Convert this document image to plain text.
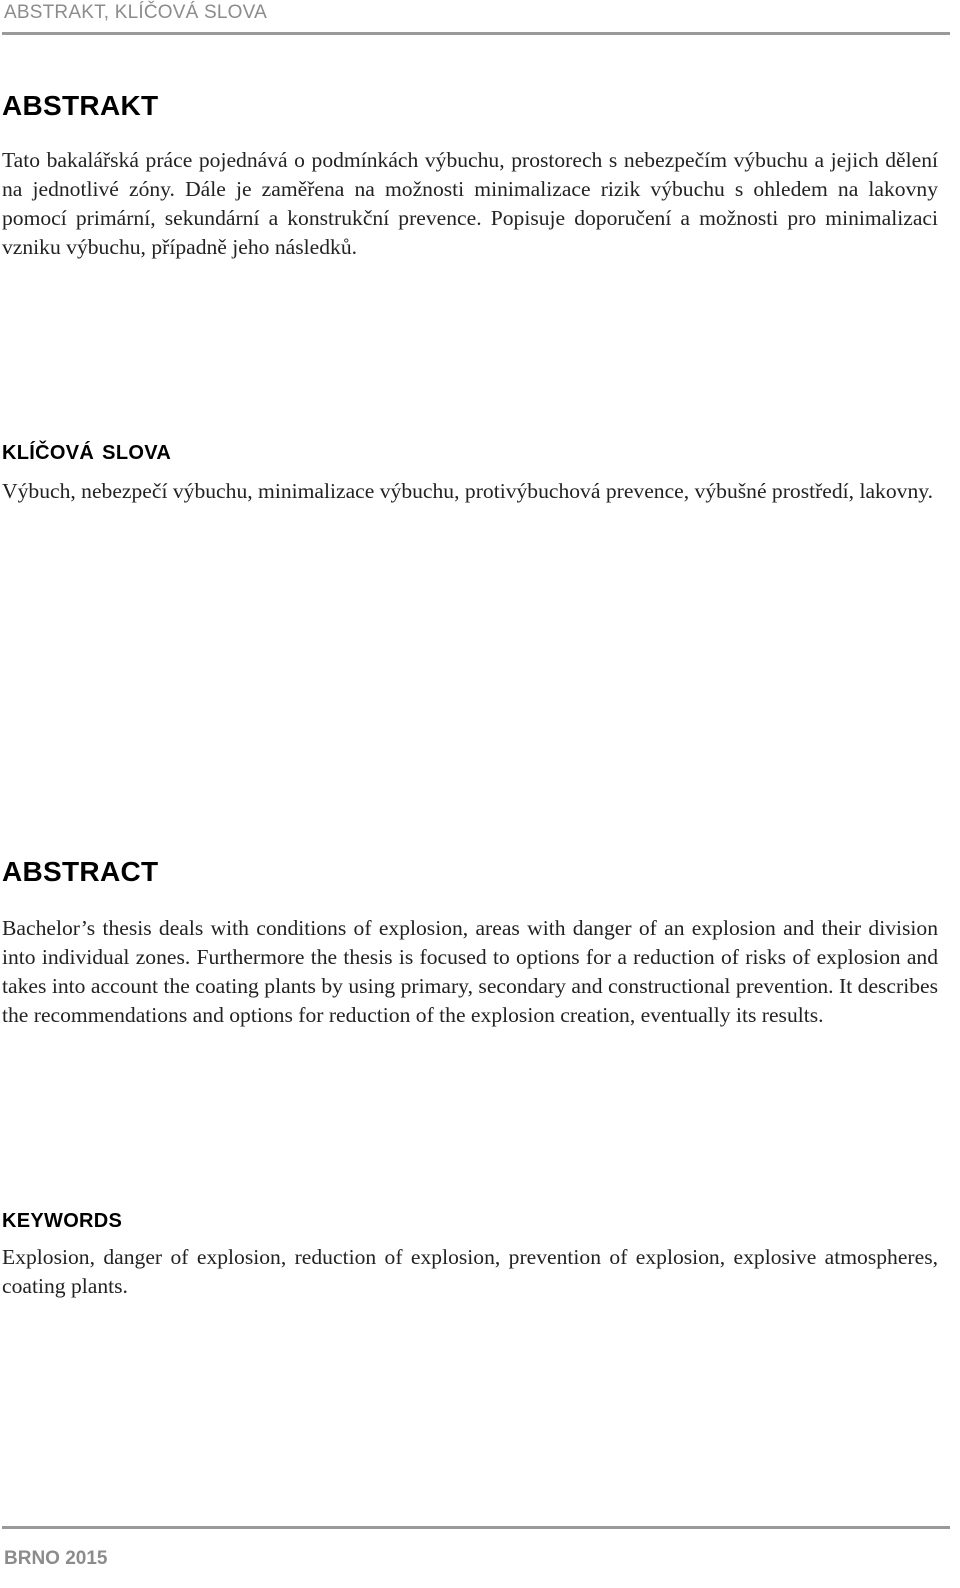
ABSTRAKT, KLÍČOVÁ SLOVA
abstrakt

Tato bakalářská práce pojednává o podmínkách výbuchu, prostorech s nebezpečím výbuchu a jejich dělení na jednotlivé zóny. Dále je zaměřena na možnosti minimalizace rizik výbuchu s ohledem na lakovny pomocí primární, sekundární a konstrukční prevence. Popisuje doporučení a možnosti pro minimalizaci vzniku výbuchu, případně jeho následků.

klíčová slova

Výbuch, nebezpečí výbuchu, minimalizace výbuchu, protivýbuchová prevence, výbušné prostředí, lakovny.

abstract

Bachelor’s thesis deals with conditions of explosion, areas with danger of an explosion and their division into individual zones. Furthermore the thesis is focused to options for a reduction of risks of explosion and takes into account the coating plants by using primary, secondary and constructional prevention. It describes the recommendations and options for reduction of the explosion creation, eventually its results.

keywords

Explosion, danger of explosion, reduction of explosion, prevention of explosion, explosive atmospheres, coating plants.

BRNO 2015
